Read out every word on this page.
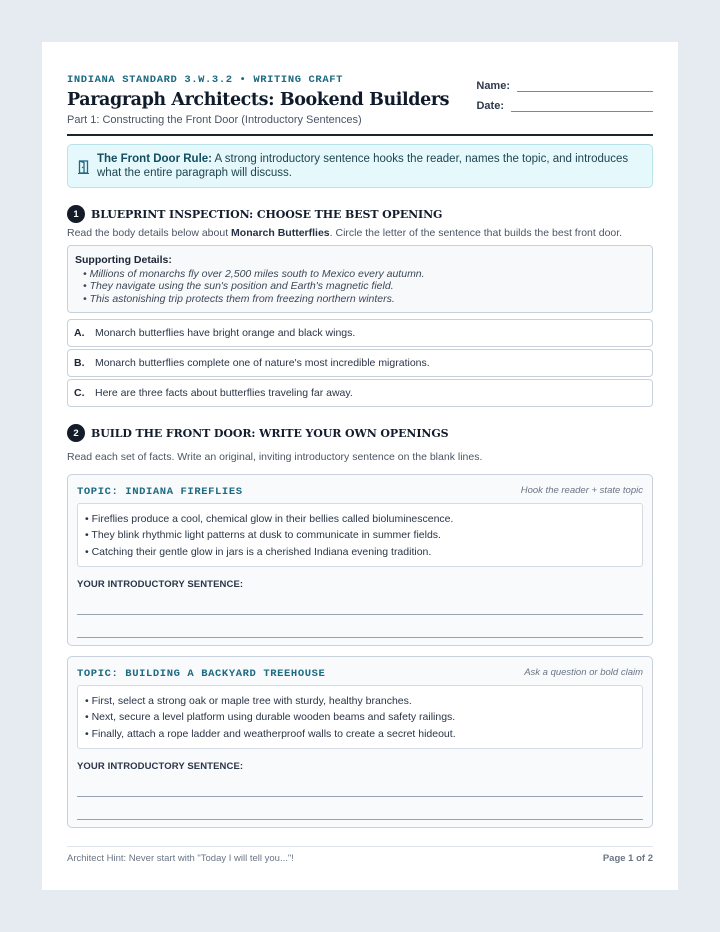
INDIANA STANDARD 3.W.3.2 • WRITING CRAFT
Paragraph Architects: Bookend Builders
Part 1: Constructing the Front Door (Introductory Sentences)
Name:
Date:
The Front Door Rule: A strong introductory sentence hooks the reader, names the topic, and introduces what the entire paragraph will discuss.
1	BLUEPRINT INSPECTION: CHOOSE THE BEST OPENING
Read the body details below about Monarch Butterflies. Circle the letter of the sentence that builds the best front door.
Supporting Details:
• Millions of monarchs fly over 2,500 miles south to Mexico every autumn.
• They navigate using the sun's position and Earth's magnetic field.
• This astonishing trip protects them from freezing northern winters.
A.	Monarch butterflies have bright orange and black wings.
B.	Monarch butterflies complete one of nature's most incredible migrations.
C.	Here are three facts about butterflies traveling far away.
2	BUILD THE FRONT DOOR: WRITE YOUR OWN OPENINGS
Read each set of facts. Write an original, inviting introductory sentence on the blank lines.
TOPIC: INDIANA FIREFLIES	Hook the reader + state topic
• Fireflies produce a cool, chemical glow in their bellies called bioluminescence.
• They blink rhythmic light patterns at dusk to communicate in summer fields.
• Catching their gentle glow in jars is a cherished Indiana evening tradition.
YOUR INTRODUCTORY SENTENCE:
TOPIC: BUILDING A BACKYARD TREEHOUSE	Ask a question or bold claim
• First, select a strong oak or maple tree with sturdy, healthy branches.
• Next, secure a level platform using durable wooden beams and safety railings.
• Finally, attach a rope ladder and weatherproof walls to create a secret hideout.
YOUR INTRODUCTORY SENTENCE:
Architect Hint: Never start with "Today I will tell you..."!	Page 1 of 2
